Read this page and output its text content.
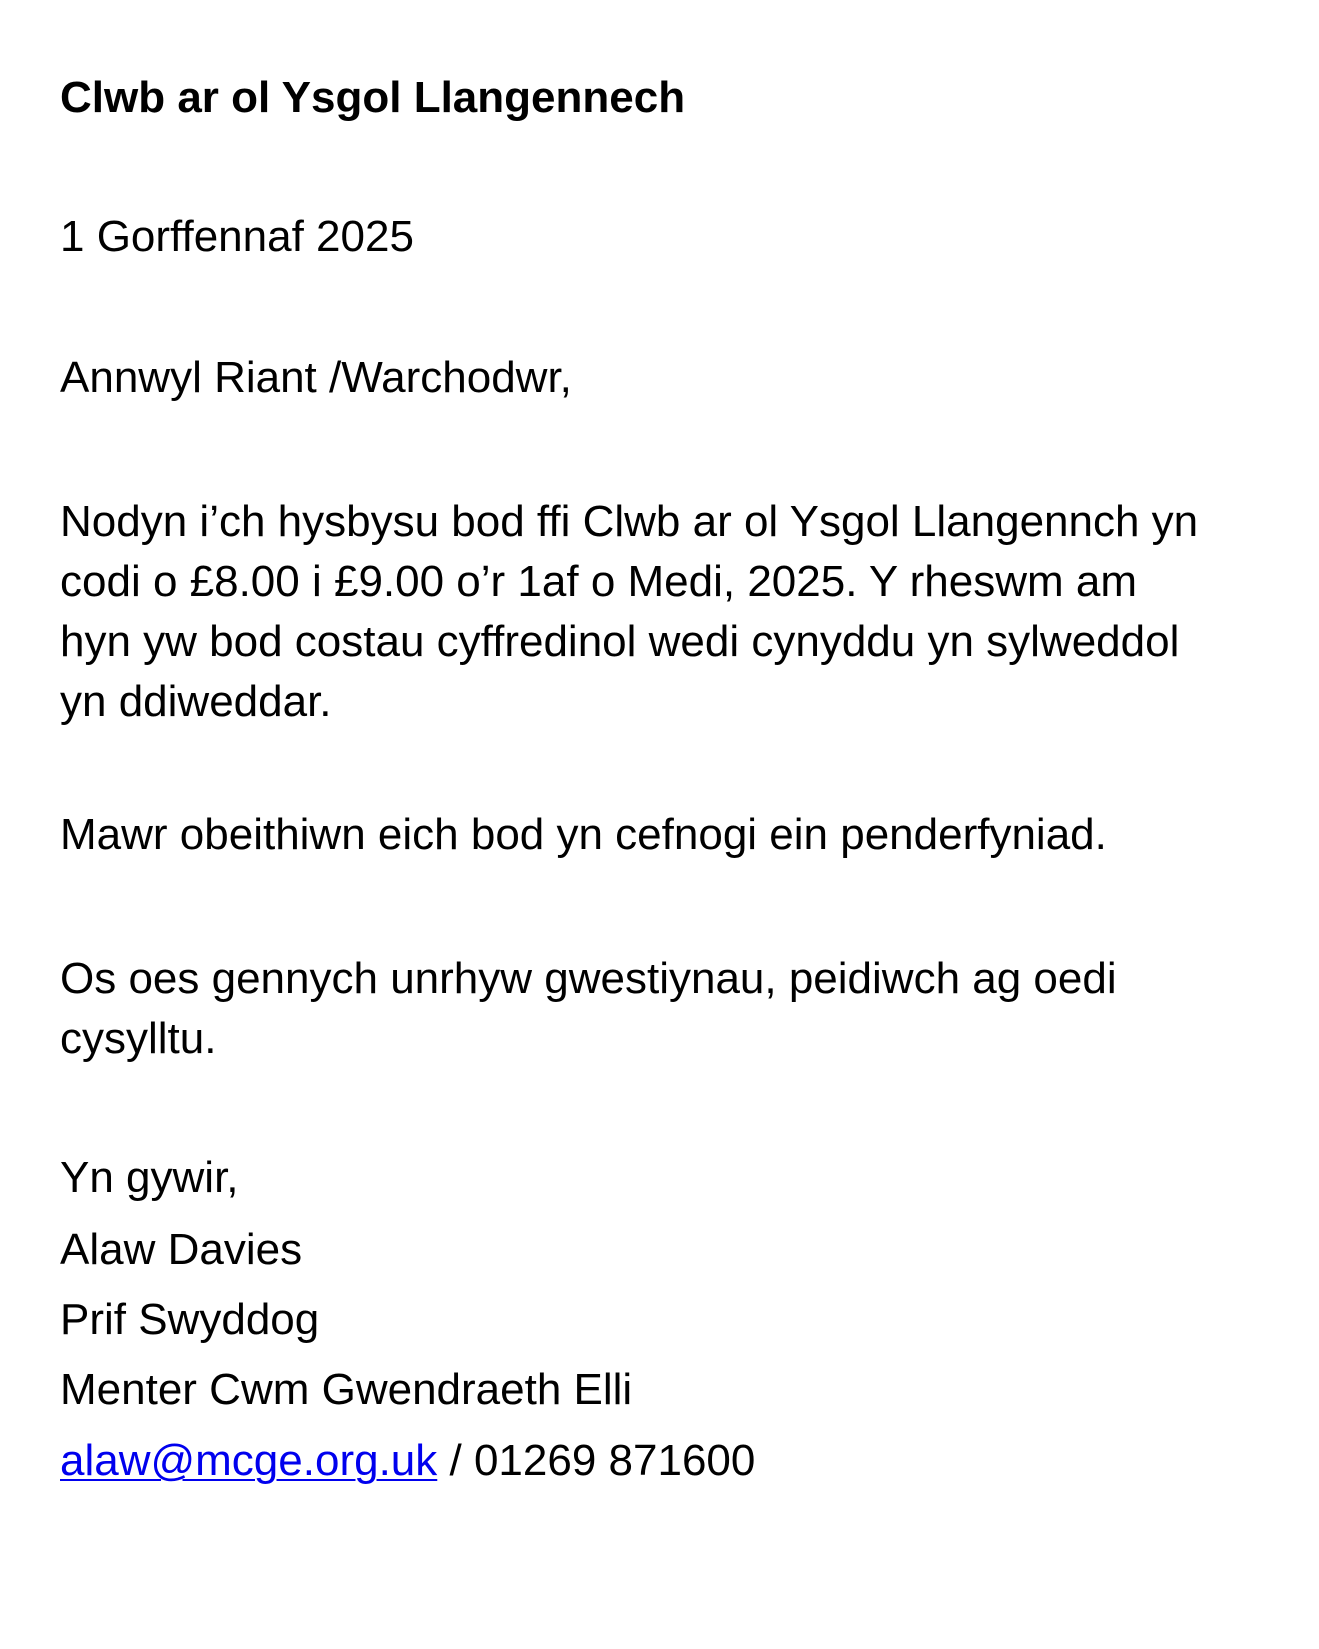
Clwb ar ol Ysgol Llangennech
1 Gorffennaf 2025
Annwyl Riant /Warchodwr,
Nodyn i’ch hysbysu bod ffi Clwb ar ol Ysgol Llangennch yn codi o £8.00 i £9.00 o’r 1af o Medi, 2025. Y rheswm am hyn yw bod costau cyffredinol wedi cynyddu yn sylweddol yn ddiweddar.
Mawr obeithiwn eich bod yn cefnogi ein penderfyniad.
Os oes gennych unrhyw gwestiynau, peidiwch ag oedi cysylltu.
Yn gywir,
Alaw Davies
Prif Swyddog
Menter Cwm Gwendraeth Elli
alaw@mcge.org.uk / 01269 871600
